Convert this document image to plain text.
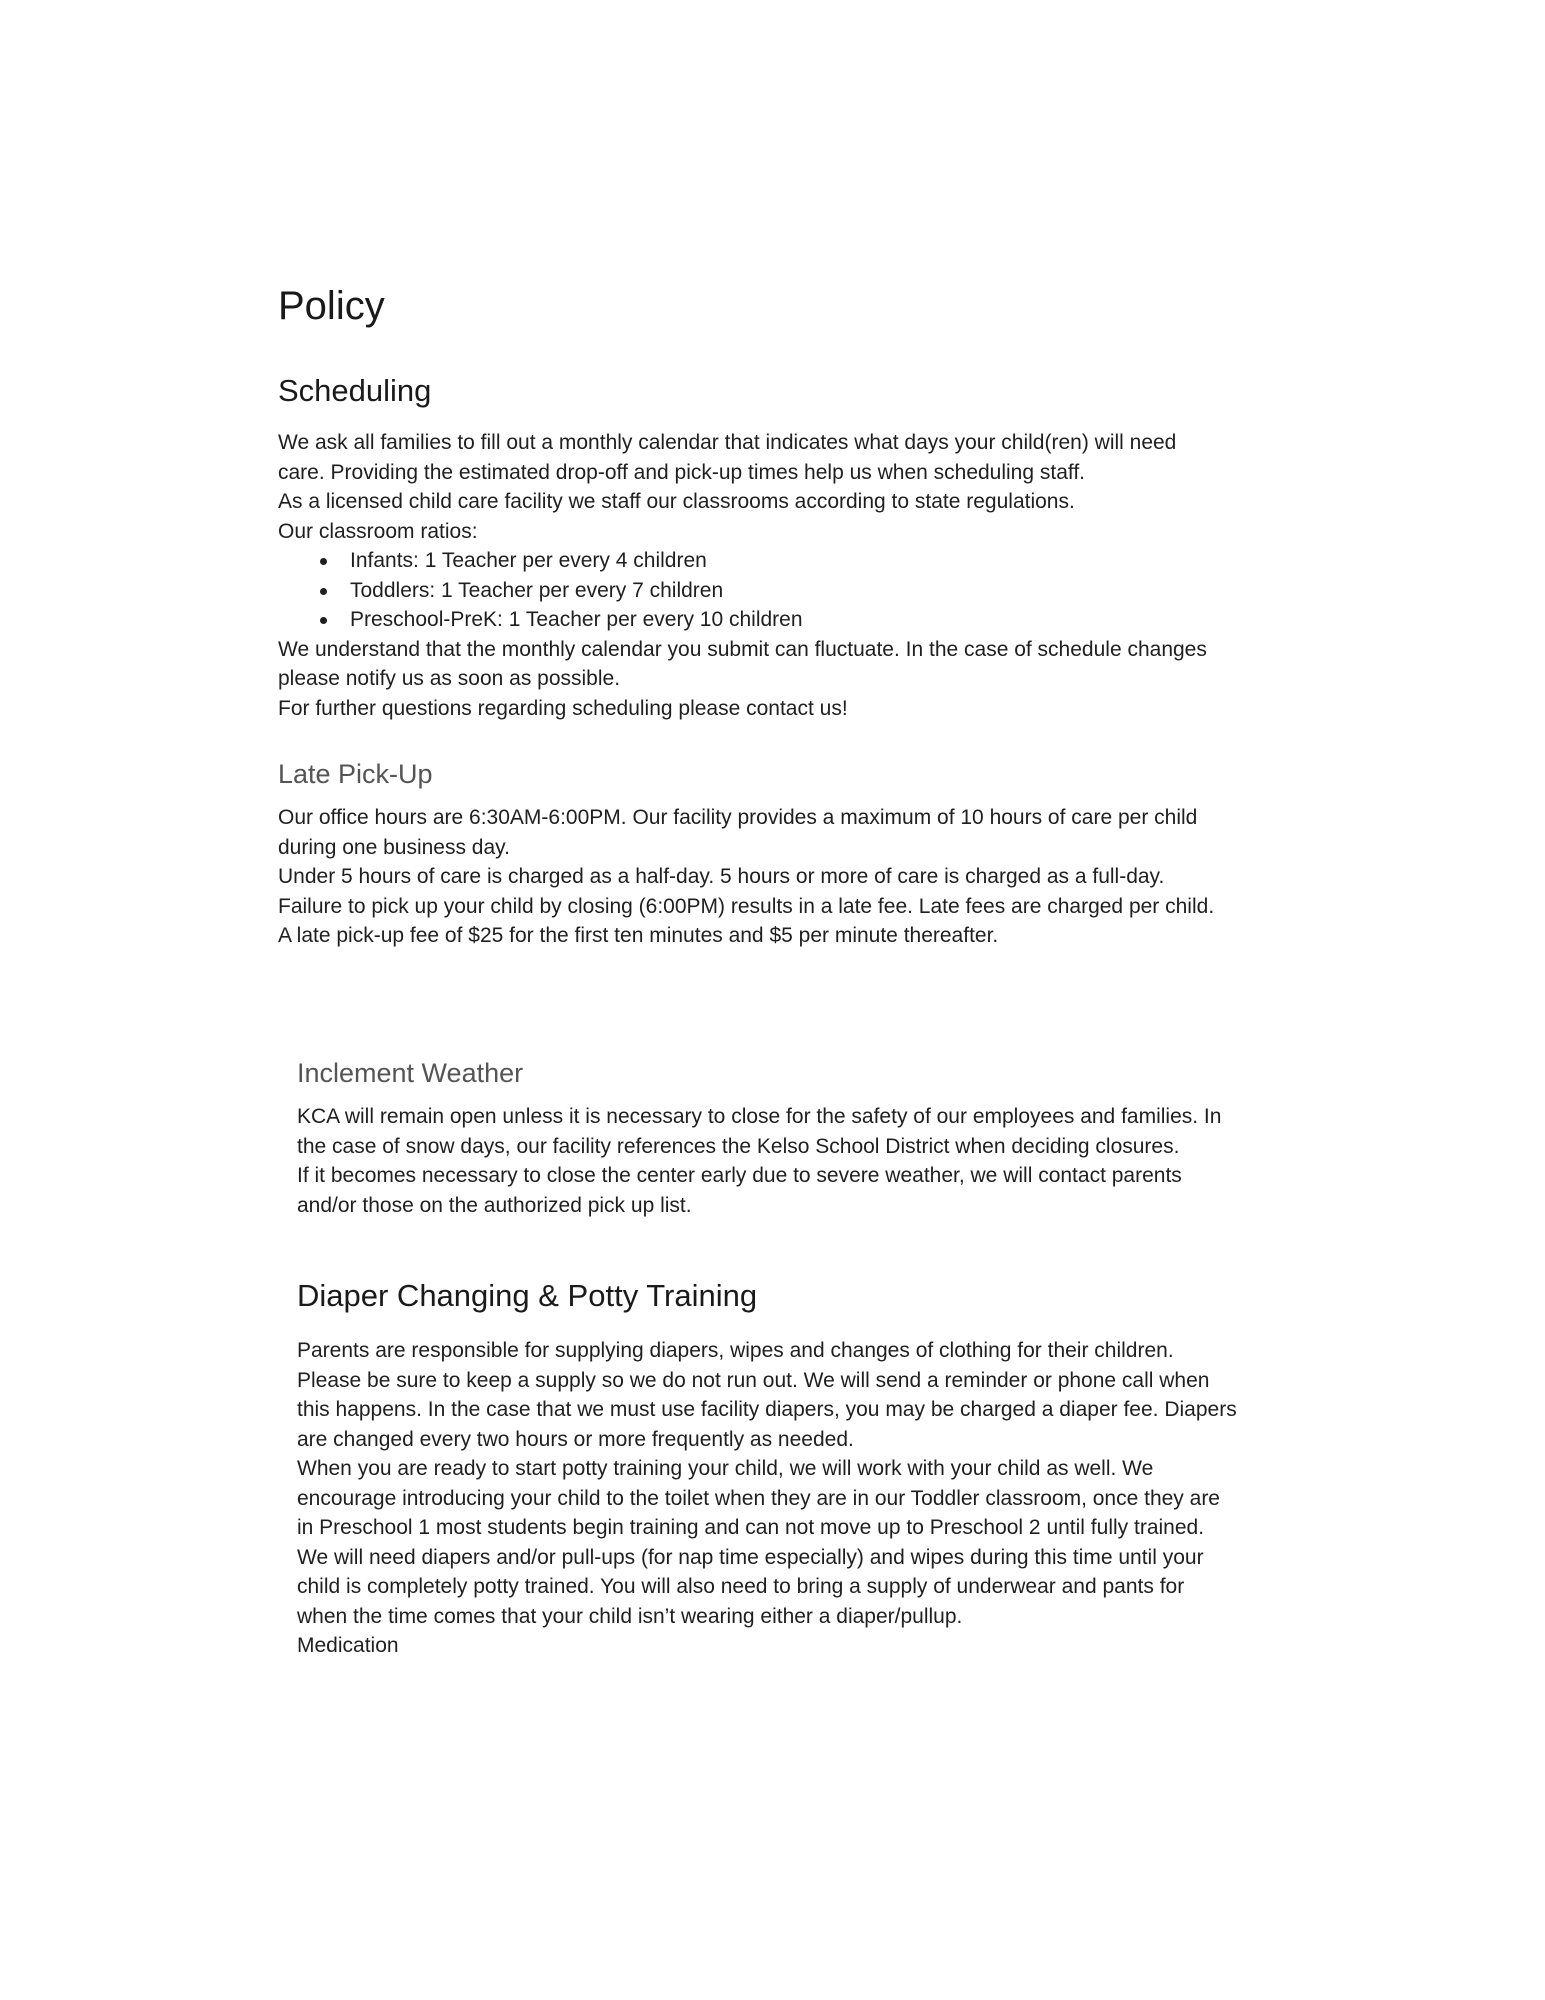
Policy
Scheduling

We ask all families to fill out a monthly calendar that indicates what days your child(ren) will need care. Providing the estimated drop-off and pick-up times help us when scheduling staff.

As a licensed child care facility we staff our classrooms according to state regulations.

Our classroom ratios:

Infants: 1 Teacher per every 4 children
Toddlers: 1 Teacher per every 7 children
Preschool-PreK: 1 Teacher per every 10 children

We understand that the monthly calendar you submit can fluctuate. In the case of schedule changes please notify us as soon as possible.

For further questions regarding scheduling please contact us!

Late Pick-Up

Our office hours are 6:30AM-6:00PM. Our facility provides a maximum of 10 hours of care per child during one business day.

Under 5 hours of care is charged as a half-day. 5 hours or more of care is charged as a full-day.

Failure to pick up your child by closing (6:00PM) results in a late fee. Late fees are charged per child.

A late pick-up fee of $25 for the first ten minutes and $5 per minute thereafter.

Inclement Weather

KCA will remain open unless it is necessary to close for the safety of our employees and families. In the case of snow days, our facility references the Kelso School District when deciding closures.

If it becomes necessary to close the center early due to severe weather, we will contact parents and/or those on the authorized pick up list.

Diaper Changing & Potty Training

Parents are responsible for supplying diapers, wipes and changes of clothing for their children. Please be sure to keep a supply so we do not run out. We will send a reminder or phone call when this happens. In the case that we must use facility diapers, you may be charged a diaper fee. Diapers are changed every two hours or more frequently as needed.

When you are ready to start potty training your child, we will work with your child as well. We encourage introducing your child to the toilet when they are in our Toddler classroom, once they are in Preschool 1 most students begin training and can not move up to Preschool 2 until fully trained.

We will need diapers and/or pull-ups (for nap time especially) and wipes during this time until your child is completely potty trained. You will also need to bring a supply of underwear and pants for when the time comes that your child isn’t wearing either a diaper/pullup.

Medication
